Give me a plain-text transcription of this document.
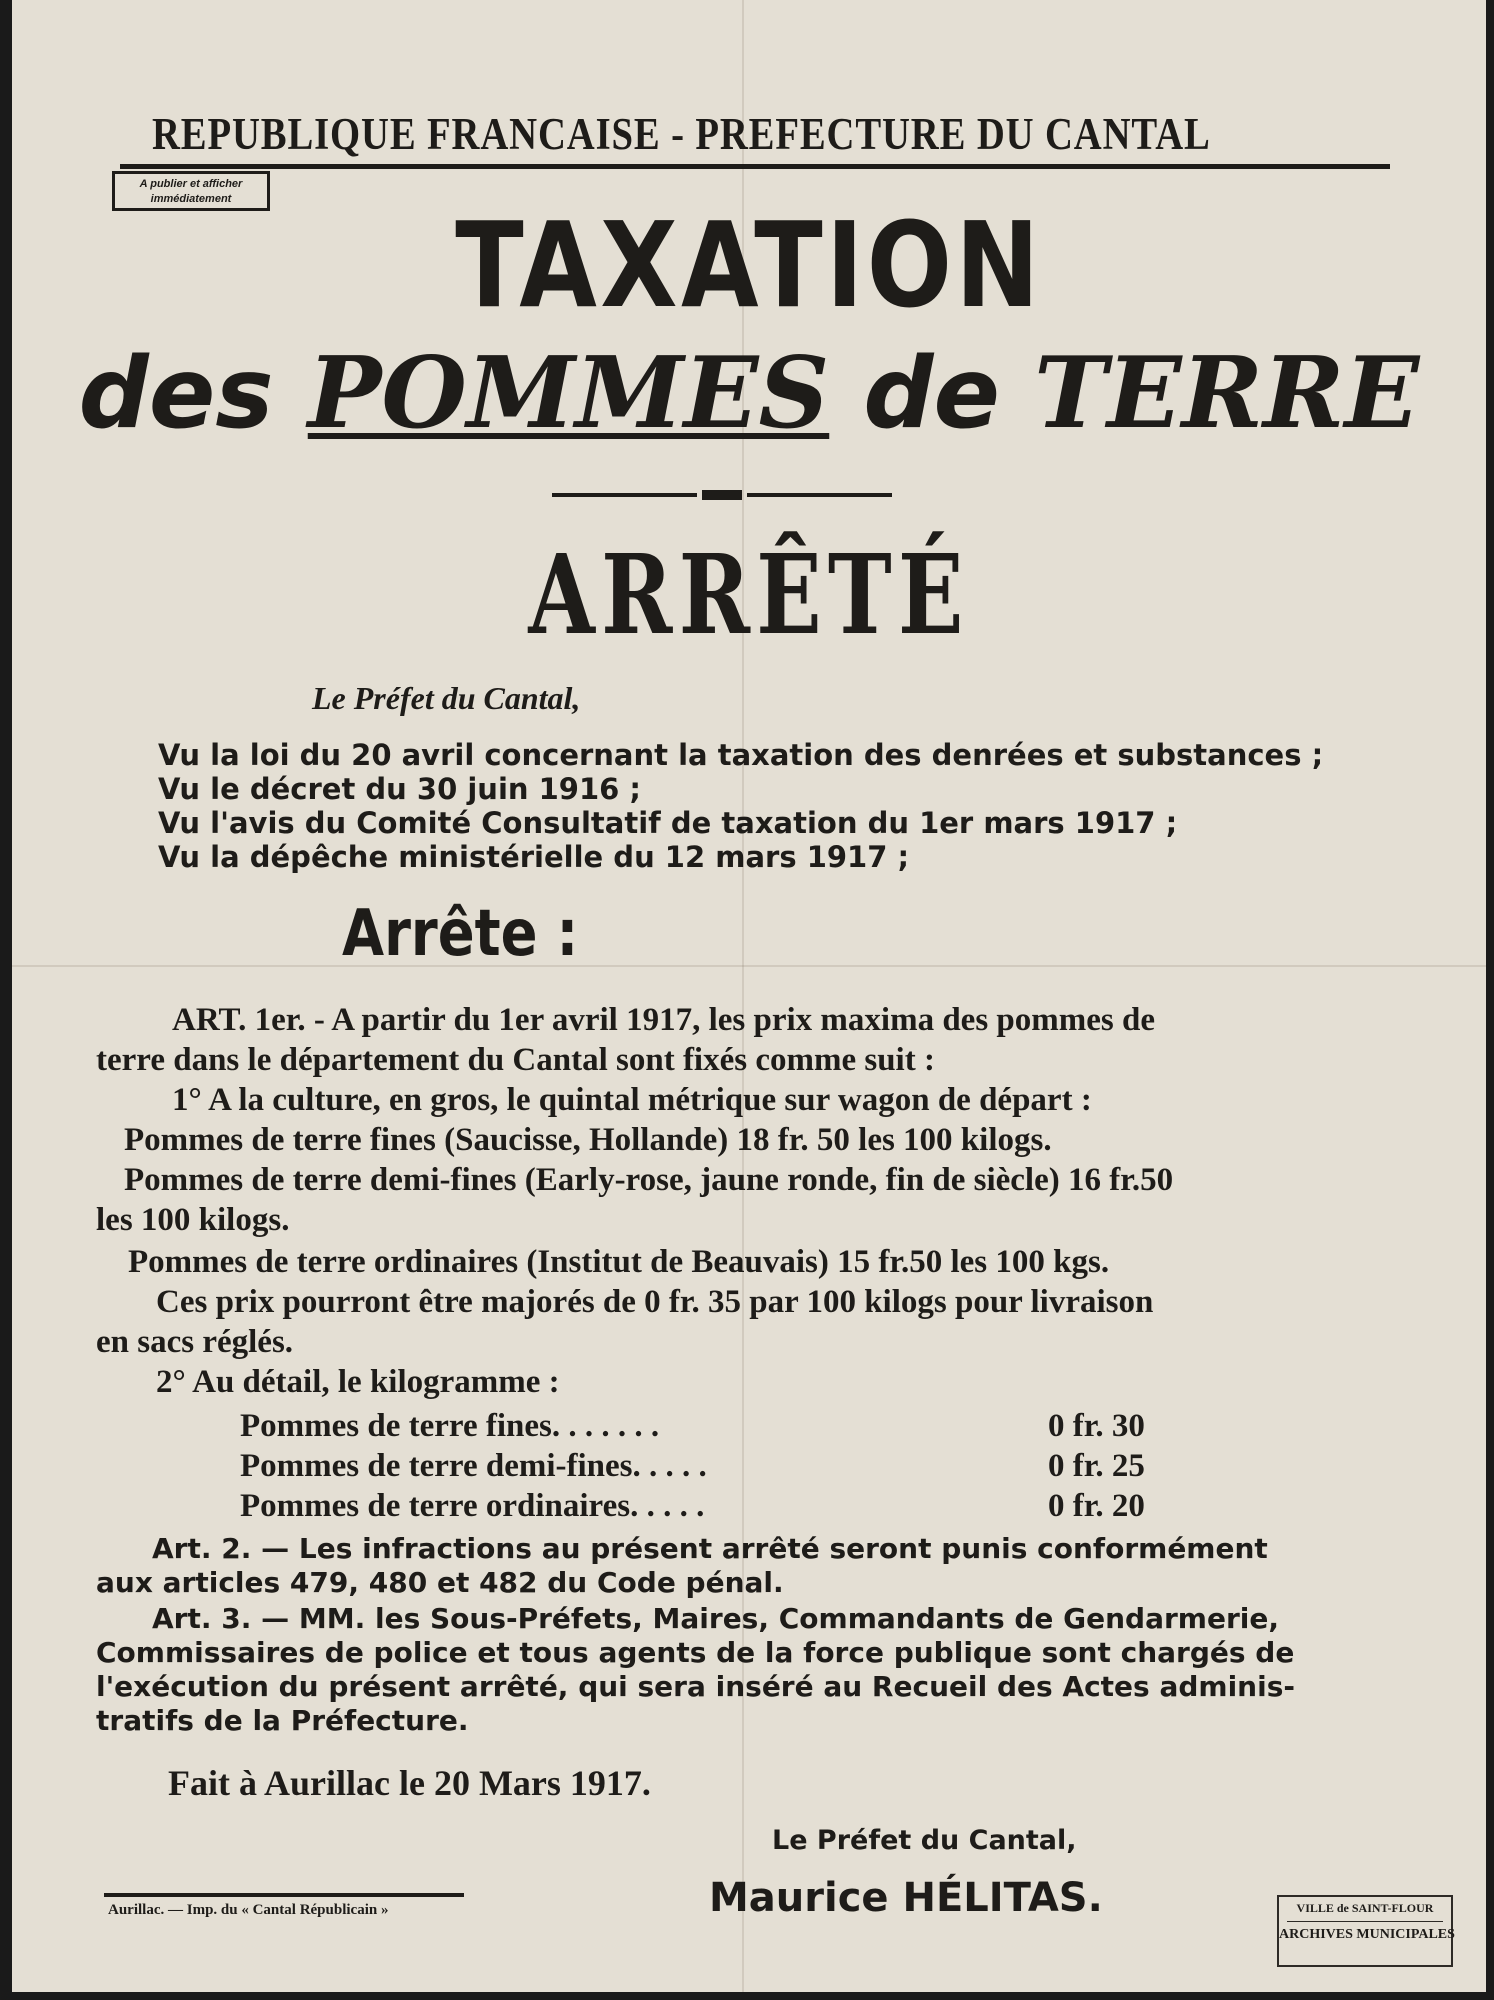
REPUBLIQUE FRANCAISE - PREFECTURE DU CANTAL
A publier et afficher
immédiatement	TAXATION
des POMMES de TERRE
ARRÊTÉ
Le Préfet du Cantal,
Vu la loi du 20 avril concernant la taxation des denrées et substances ;
Vu le décret du 30 juin 1916 ;
Vu l'avis du Comité Consultatif de taxation du 1er mars 1917 ;
Vu la dépêche ministérielle du 12 mars 1917 ;
Arrête :
ART. 1er. - A partir du 1er avril 1917, les prix maxima des pommes de
terre dans le département du Cantal sont fixés comme suit :
1° A la culture, en gros, le quintal métrique sur wagon de départ :
Pommes de terre fines (Saucisse, Hollande) 18 fr. 50 les 100 kilogs.
Pommes de terre demi-fines (Early-rose, jaune ronde, fin de siècle) 16 fr.50
les 100 kilogs.
Pommes de terre ordinaires (Institut de Beauvais) 15 fr.50 les 100 kgs.
Ces prix pourront être majorés de 0 fr. 35 par 100 kilogs pour livraison
en sacs réglés.
2° Au détail, le kilogramme :
Pommes de terre fines. . . . . . .	0 fr. 30
Pommes de terre demi-fines. . . . .	0 fr. 25
Pommes de terre ordinaires. . . . .	0 fr. 20
Art. 2. — Les infractions au présent arrêté seront punis conformément
aux articles 479, 480 et 482 du Code pénal.
Art. 3. — MM. les Sous-Préfets, Maires, Commandants de Gendarmerie,
Commissaires de police et tous agents de la force publique sont chargés de
l'exécution du présent arrêté, qui sera inséré au Recueil des Actes adminis-
tratifs de la Préfecture.
Fait à Aurillac le 20 Mars 1917.
Le Préfet du Cantal,
Maurice HÉLITAS.
Aurillac. — Imp. du « Cantal Républicain »	VILLE de SAINT-FLOUR
ARCHIVES MUNICIPALES
